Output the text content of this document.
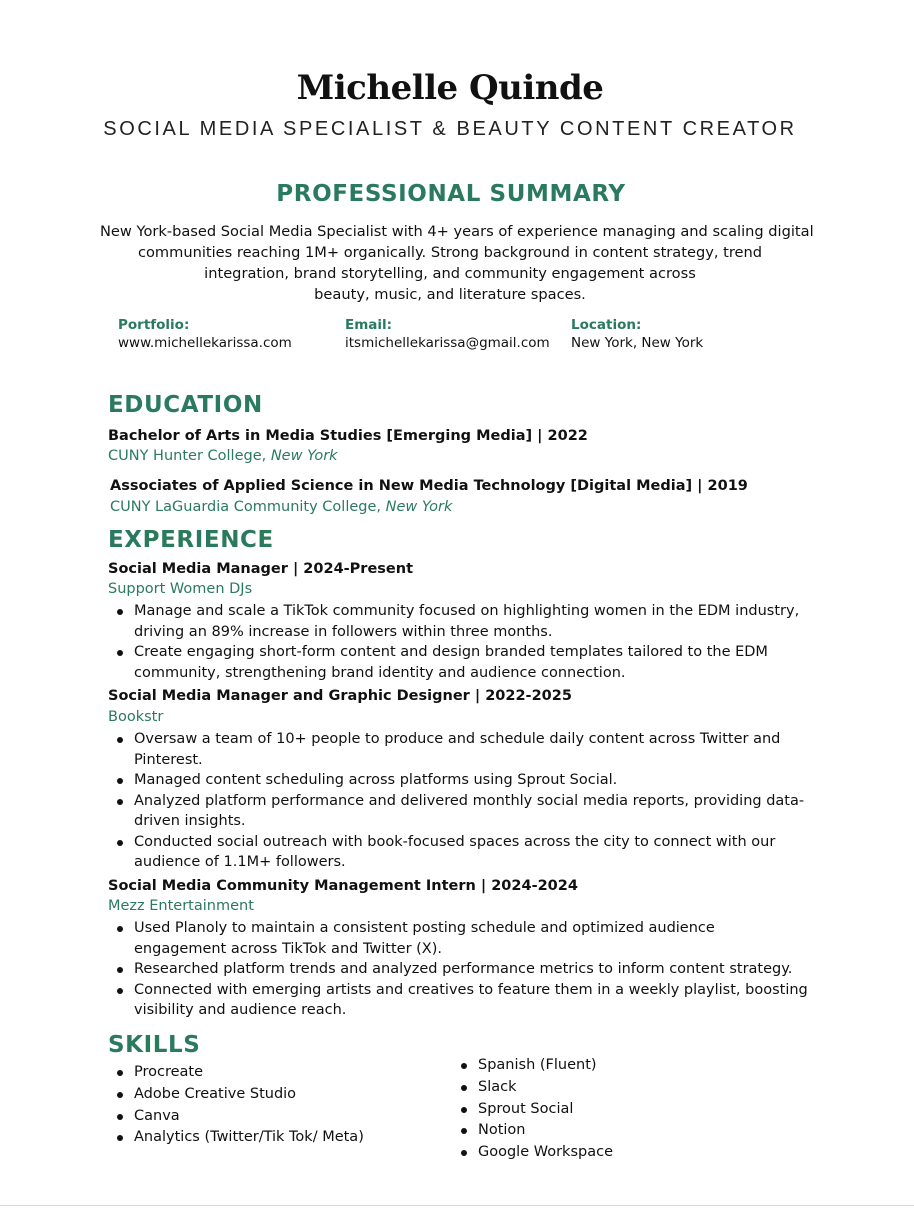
Michelle Quinde
SOCIAL MEDIA SPECIALIST & BEAUTY CONTENT CREATOR
PROFESSIONAL SUMMARY
New York-based Social Media Specialist with 4+ years of experience managing and scaling digital
communities reaching 1M+ organically. Strong background in content strategy, trend
integration, brand storytelling, and community engagement across
beauty, music, and literature spaces.
Portfolio:
www.michellekarissa.com
Email:
itsmichellekarissa@gmail.com
Location:
New York, New York
EDUCATION
Bachelor of Arts in Media Studies [Emerging Media] | 2022
CUNY Hunter College, New York
Associates of Applied Science in New Media Technology [Digital Media] | 2019
CUNY LaGuardia Community College, New York
EXPERIENCE
Social Media Manager | 2024-Present
Support Women DJs
Manage and scale a TikTok community focused on highlighting women in the EDM industry,
driving an 89% increase in followers within three months.
Create engaging short-form content and design branded templates tailored to the EDM
community, strengthening brand identity and audience connection.
Social Media Manager and Graphic Designer | 2022-2025
Bookstr
Oversaw a team of 10+ people to produce and schedule daily content across Twitter and
Pinterest.
Managed content scheduling across platforms using Sprout Social.
Analyzed platform performance and delivered monthly social media reports, providing data-
driven insights.
Conducted social outreach with book-focused spaces across the city to connect with our
audience of 1.1M+ followers.
Social Media Community Management Intern | 2024-2024
Mezz Entertainment
Used Planoly to maintain a consistent posting schedule and optimized audience
engagement across TikTok and Twitter (X).
Researched platform trends and analyzed performance metrics to inform content strategy.
Connected with emerging artists and creatives to feature them in a weekly playlist, boosting
visibility and audience reach.
SKILLS
Procreate
Adobe Creative Studio
Canva
Analytics (Twitter/Tik Tok/ Meta)
Spanish (Fluent)
Slack
Sprout Social
Notion
Google Workspace
